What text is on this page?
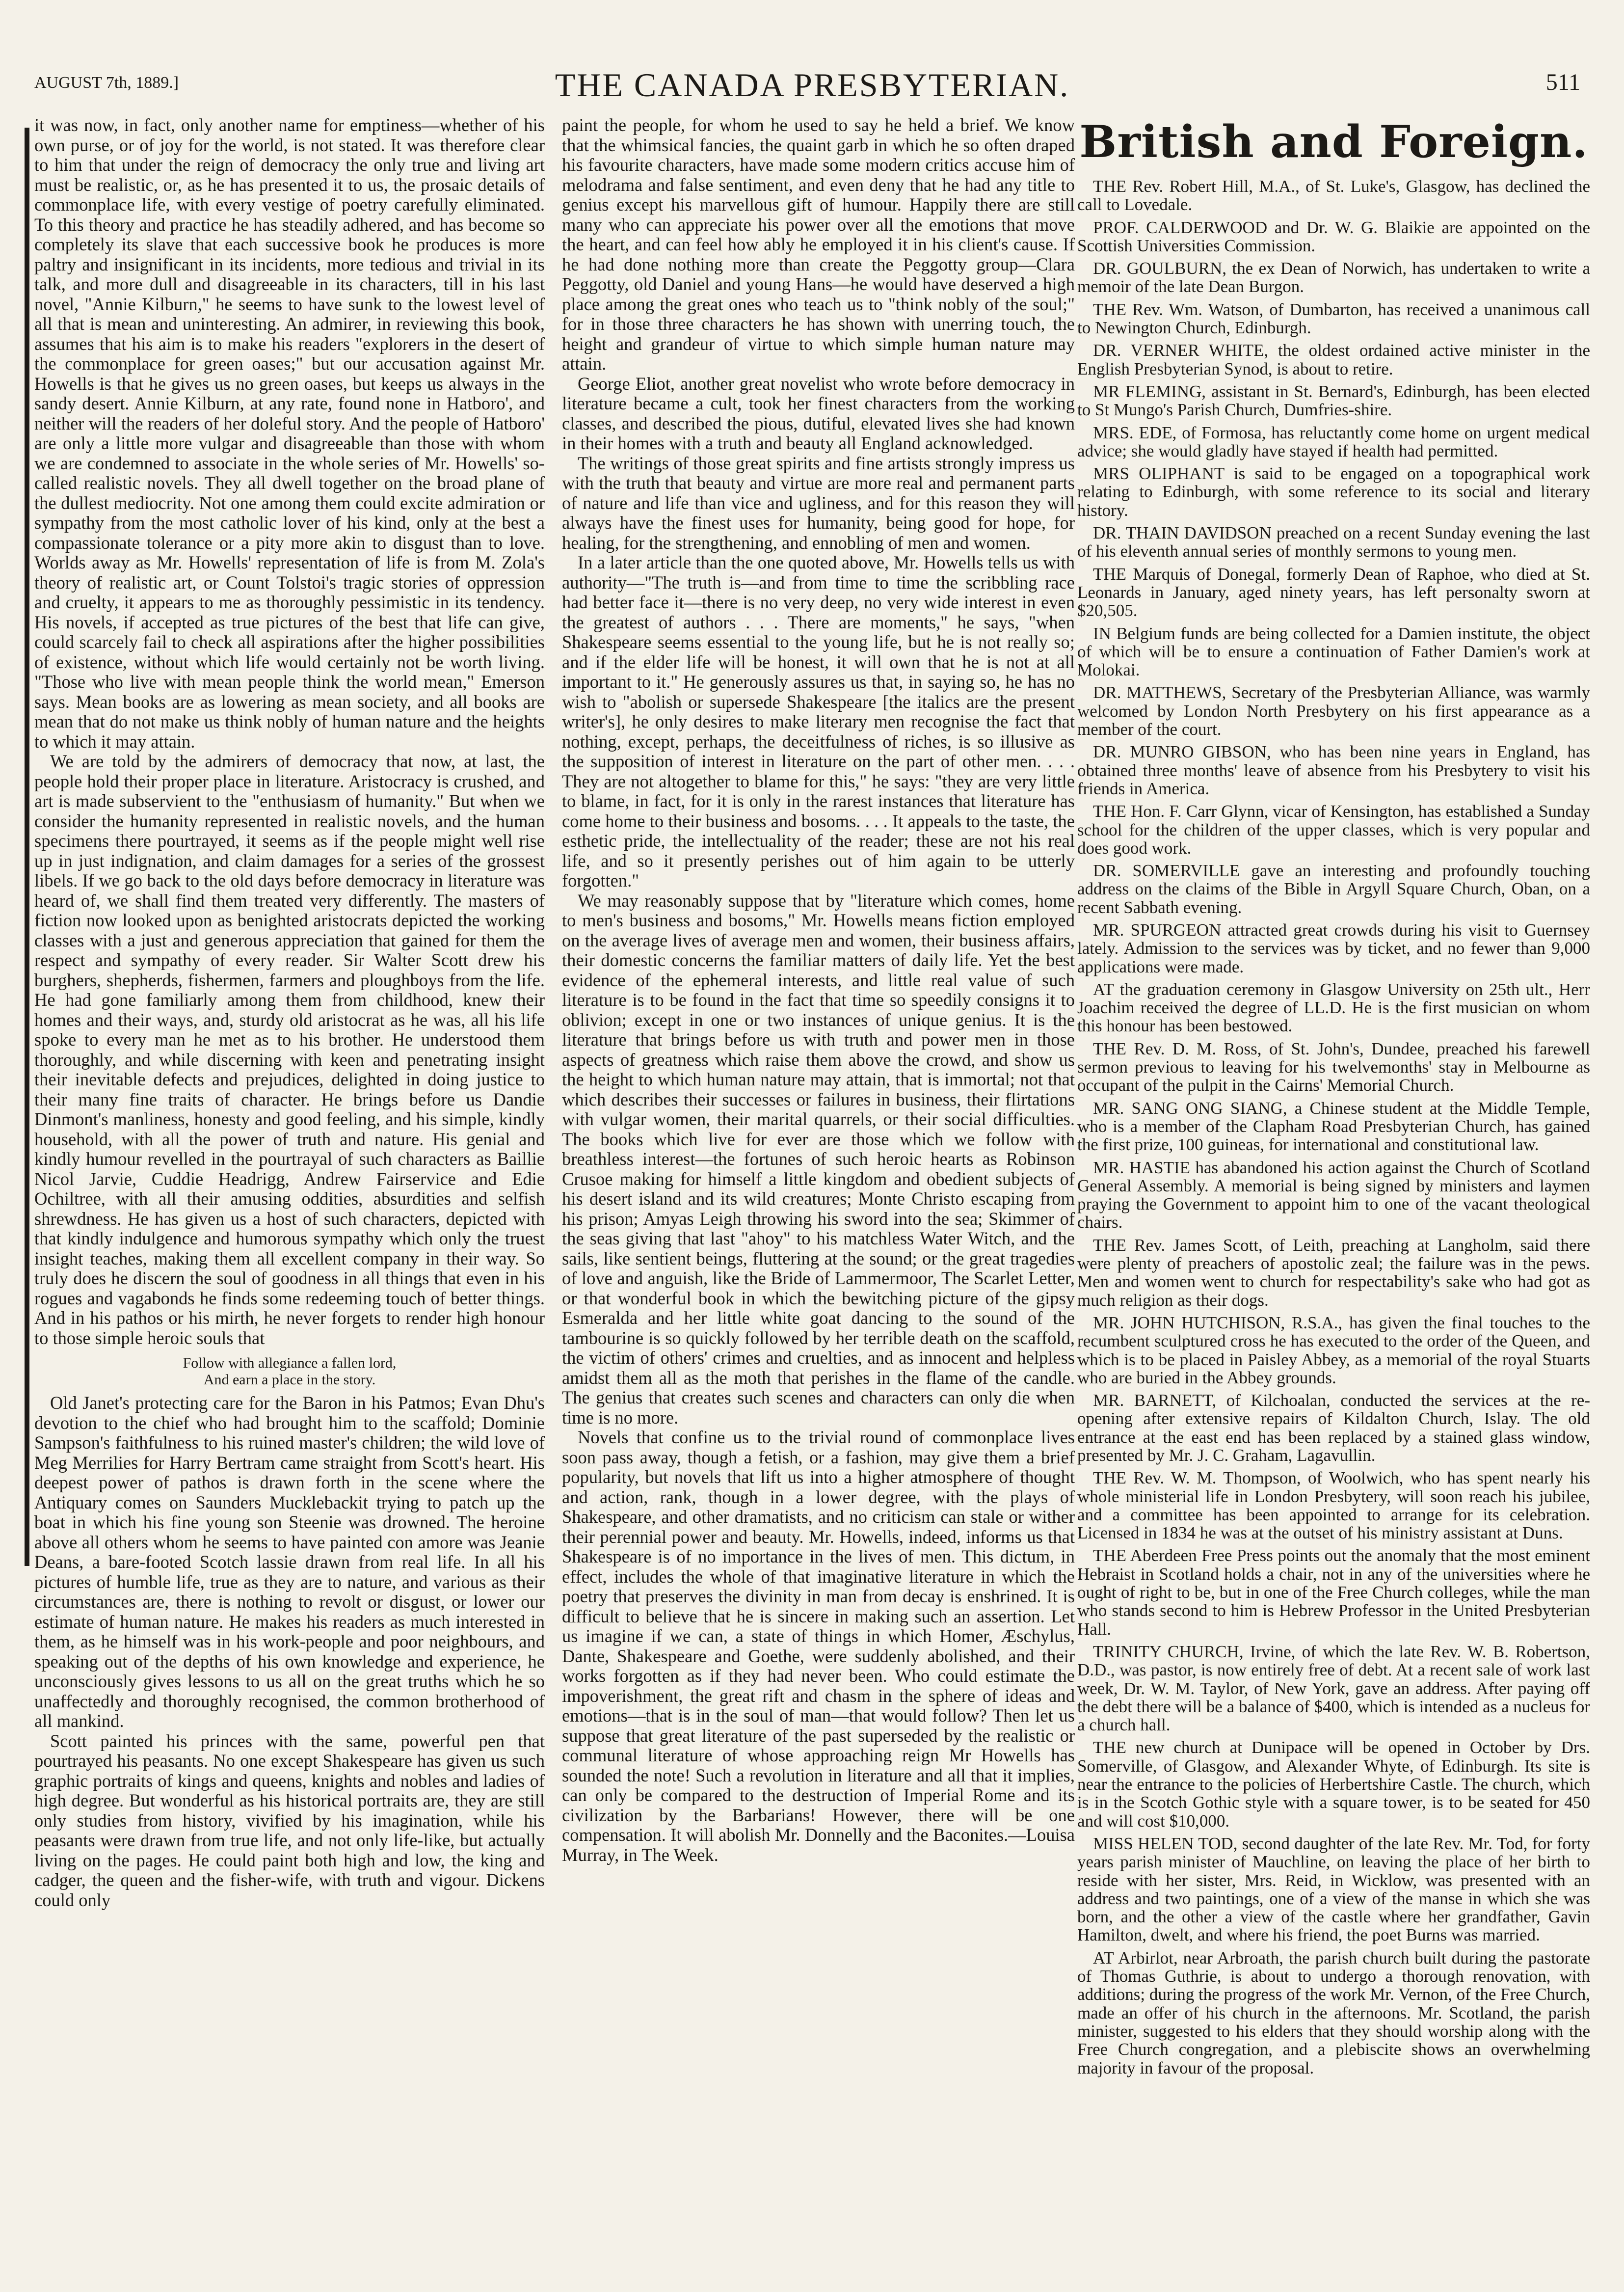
AUGUST 7th, 1889.]	THE CANADA PRESBYTERIAN.	511

it was now, in fact, only another name for emptiness—whether of his own purse, or of joy for the world, is not stated. It was therefore clear to him that under the reign of democracy the only true and living art must be realistic, or, as he has presented it to us, the prosaic details of commonplace life, with every vestige of poetry carefully eliminated. To this theory and practice he has steadily adhered, and has become so completely its slave that each successive book he produces is more paltry and insignificant in its incidents, more tedious and trivial in its talk, and more dull and disagreeable in its characters, till in his last novel, "Annie Kilburn," he seems to have sunk to the lowest level of all that is mean and uninteresting. An admirer, in reviewing this book, assumes that his aim is to make his readers "explorers in the desert of the commonplace for green oases;" but our accusation against Mr. Howells is that he gives us no green oases, but keeps us always in the sandy desert. Annie Kilburn, at any rate, found none in Hatboro', and neither will the readers of her doleful story. And the people of Hatboro' are only a little more vulgar and disagreeable than those with whom we are condemned to associate in the whole series of Mr. Howells' so-called realistic novels. They all dwell together on the broad plane of the dullest mediocrity. Not one among them could excite admiration or sympathy from the most catholic lover of his kind, only at the best a compassionate tolerance or a pity more akin to disgust than to love. Worlds away as Mr. Howells' representation of life is from M. Zola's theory of realistic art, or Count Tolstoi's tragic stories of oppression and cruelty, it appears to me as thoroughly pessimistic in its tendency. His novels, if accepted as true pictures of the best that life can give, could scarcely fail to check all aspirations after the higher possibilities of existence, without which life would certainly not be worth living. "Those who live with mean people think the world mean," Emerson says. Mean books are as lowering as mean society, and all books are mean that do not make us think nobly of human nature and the heights to which it may attain.

We are told by the admirers of democracy that now, at last, the people hold their proper place in literature. Aristocracy is crushed, and art is made subservient to the "enthusiasm of humanity." But when we consider the humanity represented in realistic novels, and the human specimens there pourtrayed, it seems as if the people might well rise up in just indignation, and claim damages for a series of the grossest libels. If we go back to the old days before democracy in literature was heard of, we shall find them treated very differently. The masters of fiction now looked upon as benighted aristocrats depicted the working classes with a just and generous appreciation that gained for them the respect and sympathy of every reader. Sir Walter Scott drew his burghers, shepherds, fishermen, farmers and ploughboys from the life. He had gone familiarly among them from childhood, knew their homes and their ways, and, sturdy old aristocrat as he was, all his life spoke to every man he met as to his brother. He understood them thoroughly, and while discerning with keen and penetrating insight their inevitable defects and prejudices, delighted in doing justice to their many fine traits of character. He brings before us Dandie Dinmont's manliness, honesty and good feeling, and his simple, kindly household, with all the power of truth and nature. His genial and kindly humour revelled in the pourtrayal of such characters as Baillie Nicol Jarvie, Cuddie Headrigg, Andrew Fairservice and Edie Ochiltree, with all their amusing oddities, absurdities and selfish shrewdness. He has given us a host of such characters, depicted with that kindly indulgence and humorous sympathy which only the truest insight teaches, making them all excellent company in their way. So truly does he discern the soul of goodness in all things that even in his rogues and vagabonds he finds some redeeming touch of better things. And in his pathos or his mirth, he never forgets to render high honour to those simple heroic souls that

Follow with allegiance a fallen lord,
And earn a place in the story.

Old Janet's protecting care for the Baron in his Patmos; Evan Dhu's devotion to the chief who had brought him to the scaffold; Dominie Sampson's faithfulness to his ruined master's children; the wild love of Meg Merrilies for Harry Bertram came straight from Scott's heart. His deepest power of pathos is drawn forth in the scene where the Antiquary comes on Saunders Mucklebackit trying to patch up the boat in which his fine young son Steenie was drowned. The heroine above all others whom he seems to have painted con amore was Jeanie Deans, a bare-footed Scotch lassie drawn from real life. In all his pictures of humble life, true as they are to nature, and various as their circumstances are, there is nothing to revolt or disgust, or lower our estimate of human nature. He makes his readers as much interested in them, as he himself was in his work-people and poor neighbours, and speaking out of the depths of his own knowledge and experience, he unconsciously gives lessons to us all on the great truths which he so unaffectedly and thoroughly recognised, the common brotherhood of all mankind.

Scott painted his princes with the same, powerful pen that pourtrayed his peasants. No one except Shakespeare has given us such graphic portraits of kings and queens, knights and nobles and ladies of high degree. But wonderful as his historical portraits are, they are still only studies from history, vivified by his imagination, while his peasants were drawn from true life, and not only life-like, but actually living on the pages. He could paint both high and low, the king and cadger, the queen and the fisher-wife, with truth and vigour. Dickens could only

paint the people, for whom he used to say he held a brief. We know that the whimsical fancies, the quaint garb in which he so often draped his favourite characters, have made some modern critics accuse him of melodrama and false sentiment, and even deny that he had any title to genius except his marvellous gift of humour. Happily there are still many who can appreciate his power over all the emotions that move the heart, and can feel how ably he employed it in his client's cause. If he had done nothing more than create the Peggotty group—Clara Peggotty, old Daniel and young Hans—he would have deserved a high place among the great ones who teach us to "think nobly of the soul;" for in those three characters he has shown with unerring touch, the height and grandeur of virtue to which simple human nature may attain.

George Eliot, another great novelist who wrote before democracy in literature became a cult, took her finest characters from the working classes, and described the pious, dutiful, elevated lives she had known in their homes with a truth and beauty all England acknowledged.

The writings of those great spirits and fine artists strongly impress us with the truth that beauty and virtue are more real and permanent parts of nature and life than vice and ugliness, and for this reason they will always have the finest uses for humanity, being good for hope, for healing, for the strengthening, and ennobling of men and women.

In a later article than the one quoted above, Mr. Howells tells us with authority—"The truth is—and from time to time the scribbling race had better face it—there is no very deep, no very wide interest in even the greatest of authors . . . There are moments," he says, "when Shakespeare seems essential to the young life, but he is not really so; and if the elder life will be honest, it will own that he is not at all important to it." He generously assures us that, in saying so, he has no wish to "abolish or supersede Shakespeare [the italics are the present writer's], he only desires to make literary men recognise the fact that nothing, except, perhaps, the deceitfulness of riches, is so illusive as the supposition of interest in literature on the part of other men. . . . They are not altogether to blame for this," he says: "they are very little to blame, in fact, for it is only in the rarest instances that literature has come home to their business and bosoms. . . . It appeals to the taste, the esthetic pride, the intellectuality of the reader; these are not his real life, and so it presently perishes out of him again to be utterly forgotten."

We may reasonably suppose that by "literature which comes, home to men's business and bosoms," Mr. Howells means fiction employed on the average lives of average men and women, their business affairs, their domestic concerns the familiar matters of daily life. Yet the best evidence of the ephemeral interests, and little real value of such literature is to be found in the fact that time so speedily consigns it to oblivion; except in one or two instances of unique genius. It is the literature that brings before us with truth and power men in those aspects of greatness which raise them above the crowd, and show us the height to which human nature may attain, that is immortal; not that which describes their successes or failures in business, their flirtations with vulgar women, their marital quarrels, or their social difficulties. The books which live for ever are those which we follow with breathless interest—the fortunes of such heroic hearts as Robinson Crusoe making for himself a little kingdom and obedient subjects of his desert island and its wild creatures; Monte Christo escaping from his prison; Amyas Leigh throwing his sword into the sea; Skimmer of the seas giving that last "ahoy" to his matchless Water Witch, and the sails, like sentient beings, fluttering at the sound; or the great tragedies of love and anguish, like the Bride of Lammermoor, The Scarlet Letter, or that wonderful book in which the bewitching picture of the gipsy Esmeralda and her little white goat dancing to the sound of the tambourine is so quickly followed by her terrible death on the scaffold, the victim of others' crimes and cruelties, and as innocent and helpless amidst them all as the moth that perishes in the flame of the candle. The genius that creates such scenes and characters can only die when time is no more.

Novels that confine us to the trivial round of commonplace lives soon pass away, though a fetish, or a fashion, may give them a brief popularity, but novels that lift us into a higher atmosphere of thought and action, rank, though in a lower degree, with the plays of Shakespeare, and other dramatists, and no criticism can stale or wither their perennial power and beauty. Mr. Howells, indeed, informs us that Shakespeare is of no importance in the lives of men. This dictum, in effect, includes the whole of that imaginative literature in which the poetry that preserves the divinity in man from decay is enshrined. It is difficult to believe that he is sincere in making such an assertion. Let us imagine if we can, a state of things in which Homer, Æschylus, Dante, Shakespeare and Goethe, were suddenly abolished, and their works forgotten as if they had never been. Who could estimate the impoverishment, the great rift and chasm in the sphere of ideas and emotions—that is in the soul of man—that would follow? Then let us suppose that great literature of the past superseded by the realistic or communal literature of whose approaching reign Mr Howells has sounded the note! Such a revolution in literature and all that it implies, can only be compared to the destruction of Imperial Rome and its civilization by the Barbarians! However, there will be one compensation. It will abolish Mr. Donnelly and the Baconites.—Louisa Murray, in The Week.

British and Foreign.

THE Rev. Robert Hill, M.A., of St. Luke's, Glasgow, has declined the call to Lovedale.

PROF. CALDERWOOD and Dr. W. G. Blaikie are appointed on the Scottish Universities Commission.

DR. GOULBURN, the ex Dean of Norwich, has undertaken to write a memoir of the late Dean Burgon.

THE Rev. Wm. Watson, of Dumbarton, has received a unanimous call to Newington Church, Edinburgh.

DR. VERNER WHITE, the oldest ordained active minister in the English Presbyterian Synod, is about to retire.

MR FLEMING, assistant in St. Bernard's, Edinburgh, has been elected to St Mungo's Parish Church, Dumfries-shire.

MRS. EDE, of Formosa, has reluctantly come home on urgent medical advice; she would gladly have stayed if health had permitted.

MRS OLIPHANT is said to be engaged on a topographical work relating to Edinburgh, with some reference to its social and literary history.

DR. THAIN DAVIDSON preached on a recent Sunday evening the last of his eleventh annual series of monthly sermons to young men.

THE Marquis of Donegal, formerly Dean of Raphoe, who died at St. Leonards in January, aged ninety years, has left personalty sworn at $20,505.

IN Belgium funds are being collected for a Damien institute, the object of which will be to ensure a continuation of Father Damien's work at Molokai.

DR. MATTHEWS, Secretary of the Presbyterian Alliance, was warmly welcomed by London North Presbytery on his first appearance as a member of the court.

DR. MUNRO GIBSON, who has been nine years in England, has obtained three months' leave of absence from his Presbytery to visit his friends in America.

THE Hon. F. Carr Glynn, vicar of Kensington, has established a Sunday school for the children of the upper classes, which is very popular and does good work.

DR. SOMERVILLE gave an interesting and profoundly touching address on the claims of the Bible in Argyll Square Church, Oban, on a recent Sabbath evening.

MR. SPURGEON attracted great crowds during his visit to Guernsey lately. Admission to the services was by ticket, and no fewer than 9,000 applications were made.

AT the graduation ceremony in Glasgow University on 25th ult., Herr Joachim received the degree of LL.D. He is the first musician on whom this honour has been bestowed.

THE Rev. D. M. Ross, of St. John's, Dundee, preached his farewell sermon previous to leaving for his twelvemonths' stay in Melbourne as occupant of the pulpit in the Cairns' Memorial Church.

MR. SANG ONG SIANG, a Chinese student at the Middle Temple, who is a member of the Clapham Road Presbyterian Church, has gained the first prize, 100 guineas, for international and constitutional law.

MR. HASTIE has abandoned his action against the Church of Scotland General Assembly. A memorial is being signed by ministers and laymen praying the Government to appoint him to one of the vacant theological chairs.

THE Rev. James Scott, of Leith, preaching at Langholm, said there were plenty of preachers of apostolic zeal; the failure was in the pews. Men and women went to church for respectability's sake who had got as much religion as their dogs.

MR. JOHN HUTCHISON, R.S.A., has given the final touches to the recumbent sculptured cross he has executed to the order of the Queen, and which is to be placed in Paisley Abbey, as a memorial of the royal Stuarts who are buried in the Abbey grounds.

MR. BARNETT, of Kilchoalan, conducted the services at the re-opening after extensive repairs of Kildalton Church, Islay. The old entrance at the east end has been replaced by a stained glass window, presented by Mr. J. C. Graham, Lagavullin.

THE Rev. W. M. Thompson, of Woolwich, who has spent nearly his whole ministerial life in London Presbytery, will soon reach his jubilee, and a committee has been appointed to arrange for its celebration. Licensed in 1834 he was at the outset of his ministry assistant at Duns.

THE Aberdeen Free Press points out the anomaly that the most eminent Hebraist in Scotland holds a chair, not in any of the universities where he ought of right to be, but in one of the Free Church colleges, while the man who stands second to him is Hebrew Professor in the United Presbyterian Hall.

TRINITY CHURCH, Irvine, of which the late Rev. W. B. Robertson, D.D., was pastor, is now entirely free of debt. At a recent sale of work last week, Dr. W. M. Taylor, of New York, gave an address. After paying off the debt there will be a balance of $400, which is intended as a nucleus for a church hall.

THE new church at Dunipace will be opened in October by Drs. Somerville, of Glasgow, and Alexander Whyte, of Edinburgh. Its site is near the entrance to the policies of Herbertshire Castle. The church, which is in the Scotch Gothic style with a square tower, is to be seated for 450 and will cost $10,000.

MISS HELEN TOD, second daughter of the late Rev. Mr. Tod, for forty years parish minister of Mauchline, on leaving the place of her birth to reside with her sister, Mrs. Reid, in Wicklow, was presented with an address and two paintings, one of a view of the manse in which she was born, and the other a view of the castle where her grandfather, Gavin Hamilton, dwelt, and where his friend, the poet Burns was married.

AT Arbirlot, near Arbroath, the parish church built during the pastorate of Thomas Guthrie, is about to undergo a thorough renovation, with additions; during the progress of the work Mr. Vernon, of the Free Church, made an offer of his church in the afternoons. Mr. Scotland, the parish minister, suggested to his elders that they should worship along with the Free Church congregation, and a plebiscite shows an overwhelming majority in favour of the proposal.
